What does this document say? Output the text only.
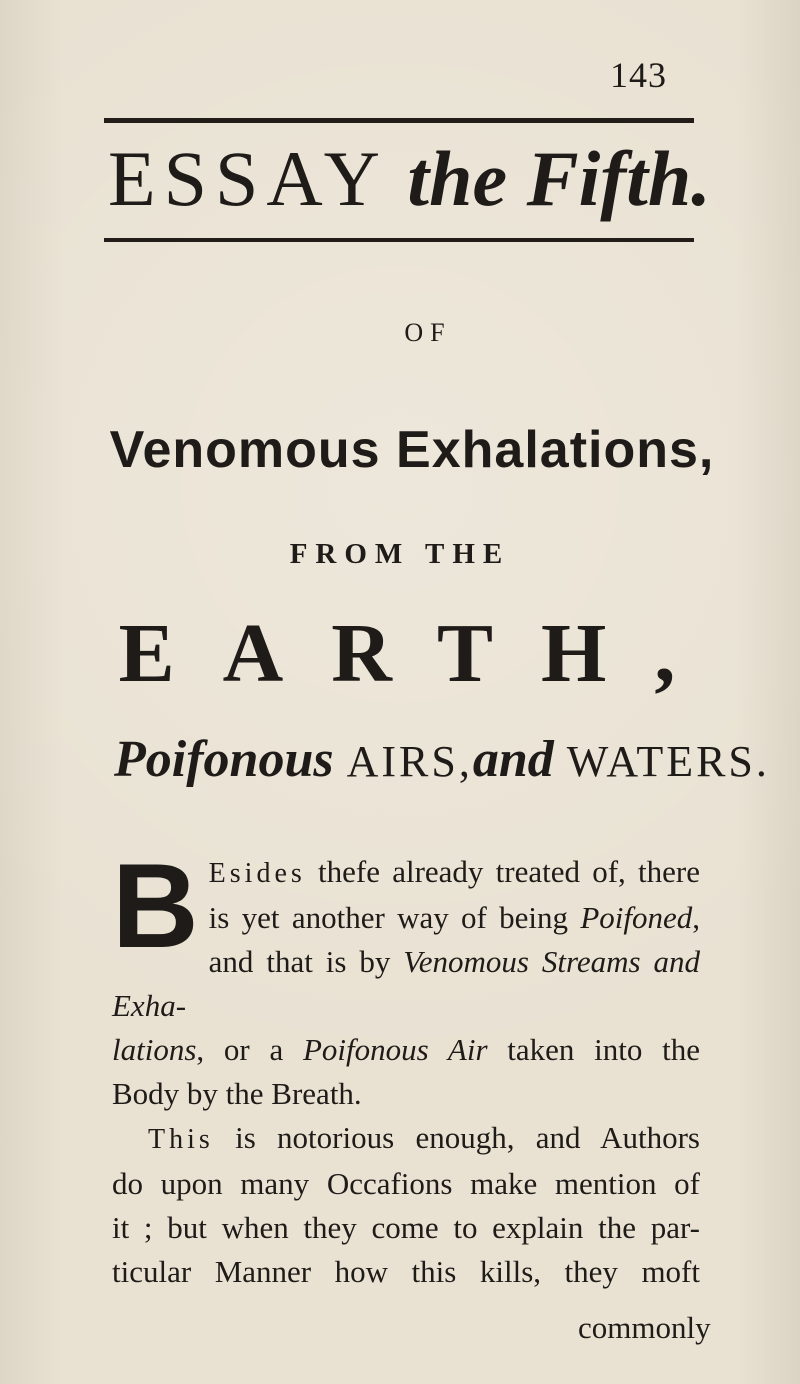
143
ESSAY the Fifth.
OF
Venomous Exhalations,
FROM THE
EARTH,
Poifonous AIRS,and WATERS.
B Esides thefe already treated of, there

is yet another way of being Poifoned,

and that is by Venomous Streams and Exha-

lations, or a Poifonous Air taken into the

Body by the Breath.

This is notorious enough, and Authors

do upon many Occafions make mention of

it ; but when they come to explain the par-

ticular Manner how this kills, they moft

commonly
